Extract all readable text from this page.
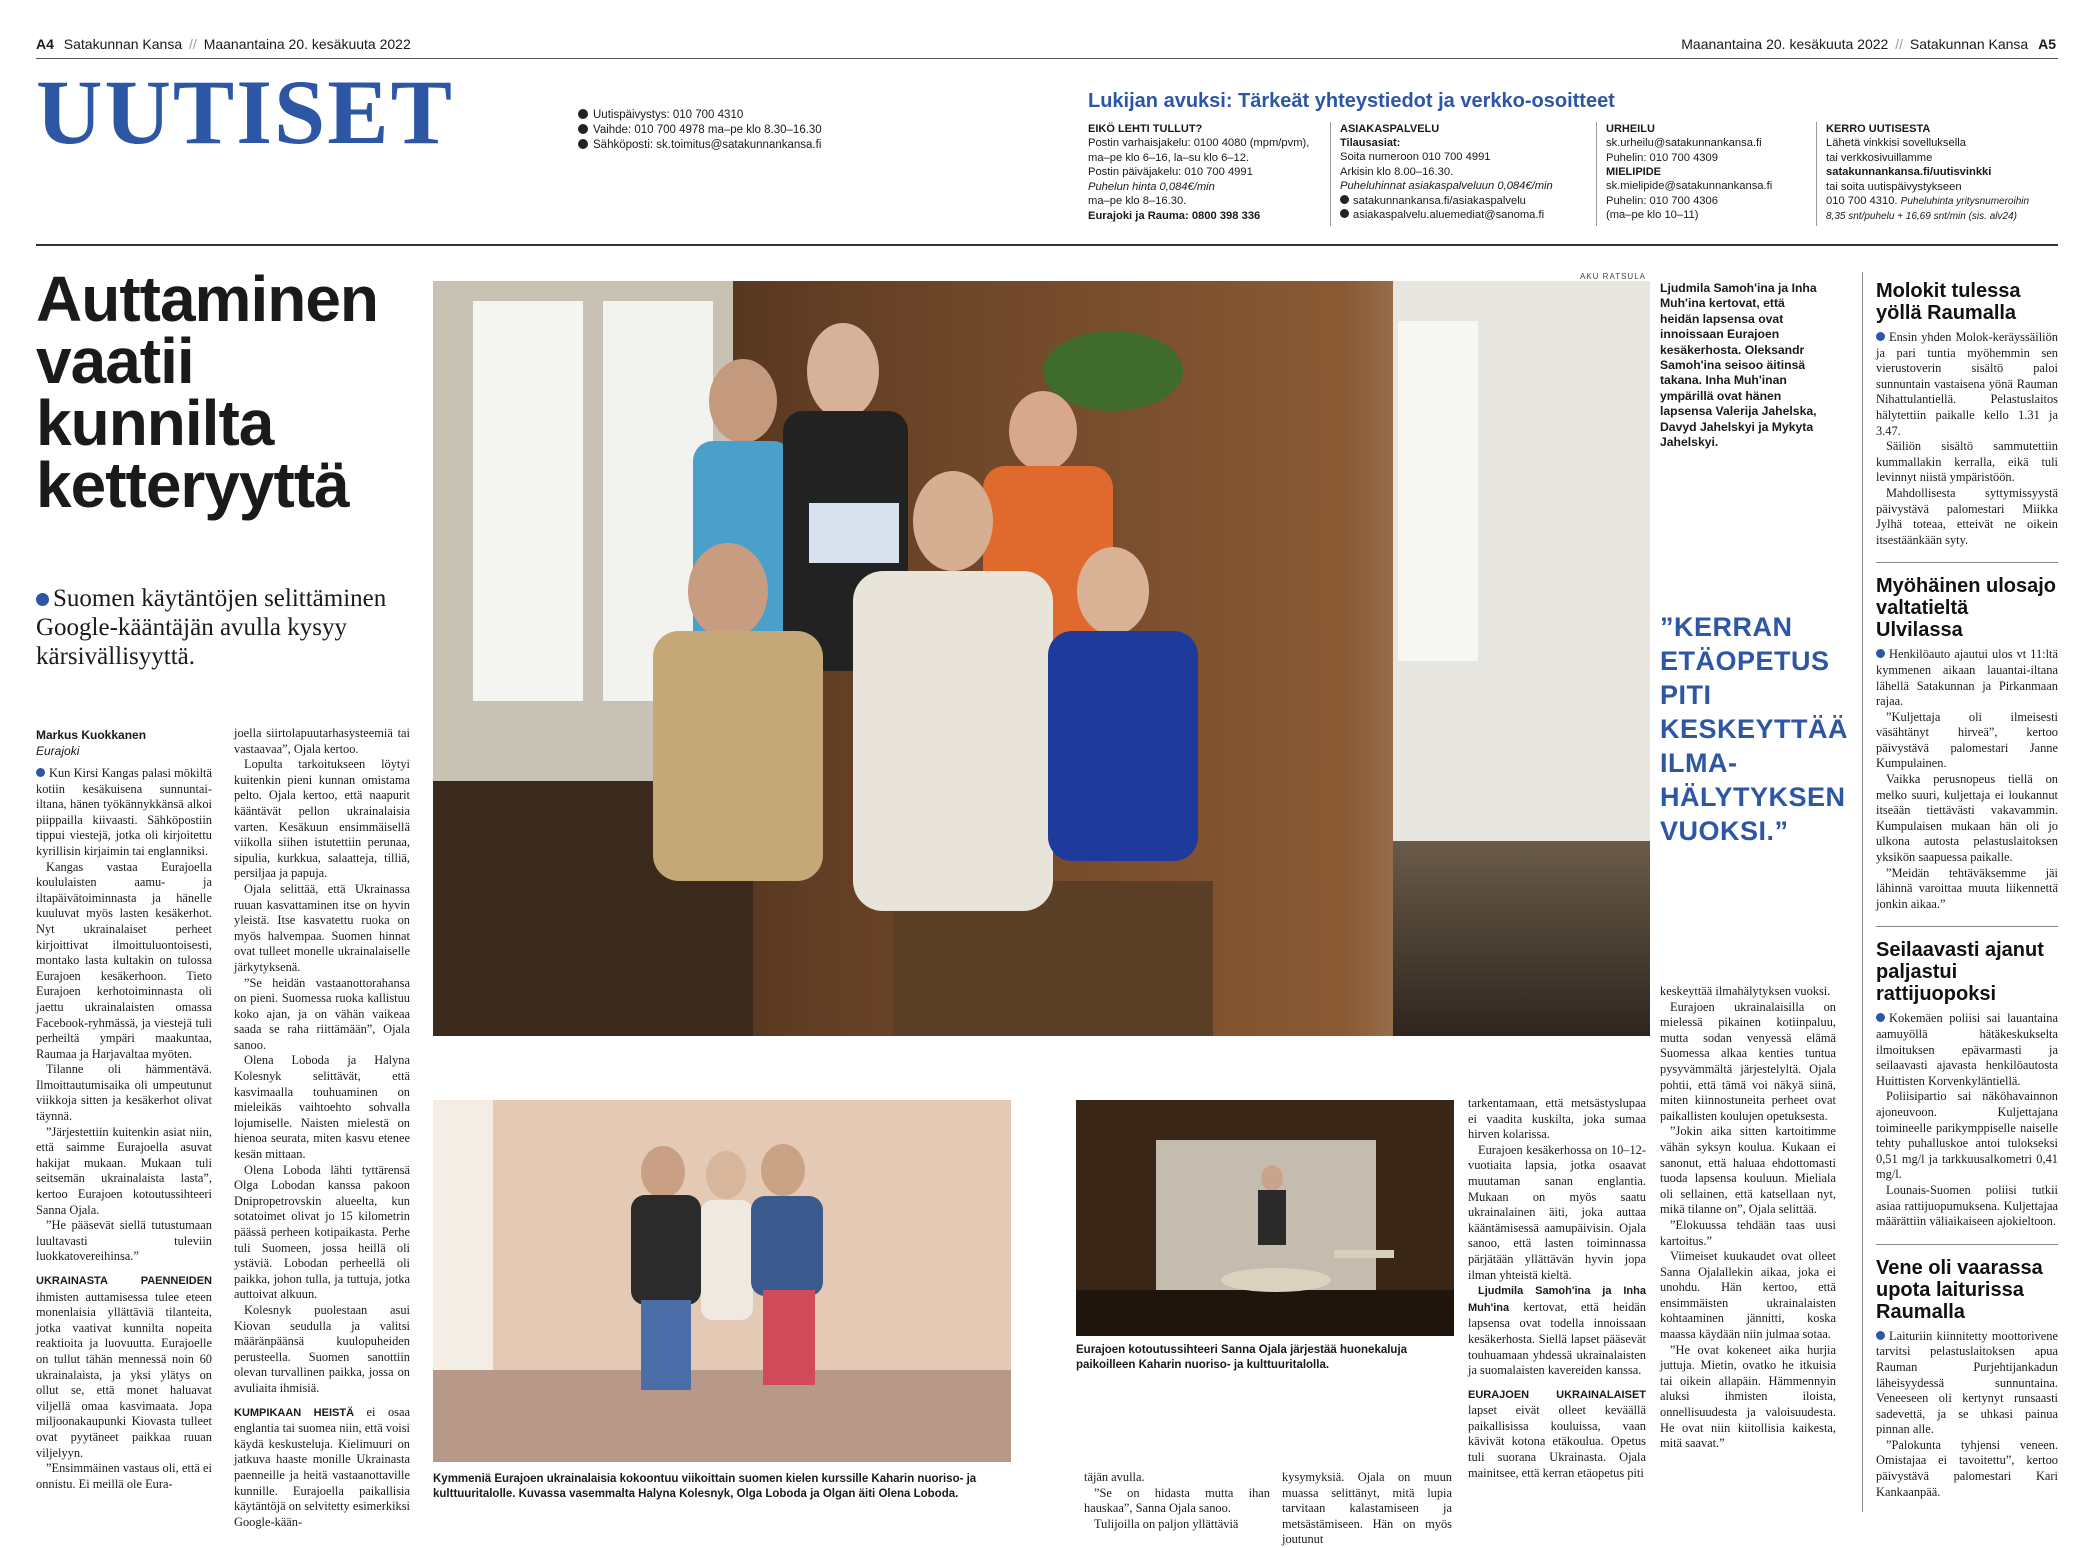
A4 Satakunnan Kansa // Maanantaina 20. kesäkuuta 2022	Maanantaina 20. kesäkuuta 2022 // Satakunnan Kansa A5
UUTISET	Uutispäivystys: 010 700 4310
Vaihde: 010 700 4978 ma–pe klo 8.30–16.30
Sähköposti: sk.toimitus@satakunnankansa.fi
Lukijan avuksi: Tärkeät yhteystiedot ja verkko-osoitteet
EIKÖ LEHTI TULLUT?
Postin varhaisjakelu: 0100 4080 (mpm/pvm),
ma–pe klo 6–16, la–su klo 6–12.
Postin päiväjakelu: 010 700 4991
Puhelun hinta 0,084€/min
ma–pe klo 8–16.30.
Eurajoki ja Rauma: 0800 398 336
ASIAKASPALVELU
Tilausasiat:
Soita numeroon 010 700 4991
Arkisin klo 8.00–16.30.
Puheluhinnat asiakaspalveluun 0,084€/min
satakunnankansa.fi/asiakaspalvelu
asiakaspalvelu.aluemediat@sanoma.fi
URHEILU
sk.urheilu@satakunnankansa.fi
Puhelin: 010 700 4309
MIELIPIDE
sk.mielipide@satakunnankansa.fi
Puhelin: 010 700 4306
(ma–pe klo 10–11)
KERRO UUTISESTA
Lähetä vinkkisi sovelluksella
tai verkkosivuillamme
satakunnankansa.fi/uutisvinkki
tai soita uutispäivystykseen
010 700 4310. Puheluhinta yritysnumeroihin
8,35 snt/puhelu + 16,69 snt/min (sis. alv24)
Auttaminen
vaatii
kunnilta
ketteryyttä
Suomen käytäntöjen selittäminen Google-kääntäjän avulla kysyy kärsivällisyyttä.
Markus Kuokkanen
Eurajoki
AKU RATSULA
Ljudmila Samoh'ina ja Inha Muh'ina kertovat, että heidän lapsensa ovat innoissaan Eurajoen kesäkerhosta. Oleksandr Samoh'ina seisoo äitinsä takana. Inha Muh'inan ympärillä ovat hänen lapsensa Valerija Jahelska, Davyd Jahelskyi ja Mykyta Jahelskyi.
”KERRAN ETÄOPETUS PITI KESKEYTTÄÄ ILMA-HÄLYTYKSEN VUOKSI.”

Kun Kirsi Kangas palasi mökiltä kotiin kesäkuisena sunnuntai-iltana, hänen työkännykkänsä alkoi piippailla kiivaasti. Sähköpostiin tippui viestejä, jotka oli kirjoitettu kyrillisin kirjaimin tai englanniksi.

Kangas vastaa Eurajoella koululaisten aamu- ja iltapäivätoiminnasta ja hänelle kuuluvat myös lasten kesäkerhot. Nyt ukrainalaiset perheet kirjoittivat ilmoittuluontoisesti, montako lasta kultakin on tulossa Eurajoen kesäkerhoon. Tieto Eurajoen kerhotoiminnasta oli jaettu ukrainalaisten omassa Facebook-ryhmässä, ja viestejä tuli perheiltä ympäri maakuntaa, Raumaa ja Harjavaltaa myöten.

Tilanne oli hämmentävä. Ilmoittautumisaika oli umpeutunut viikkoja sitten ja kesäkerhot olivat täynnä.

”Järjestettiin kuitenkin asiat niin, että saimme Eurajoella asuvat hakijat mukaan. Mukaan tuli seitsemän ukrainalaista lasta”, kertoo Eurajoen kotoutussihteeri Sanna Ojala.

”He pääsevät siellä tutustumaan luultavasti tuleviin luokkatovereihinsa.”

UKRAINASTA PAENNEIDEN ihmisten auttamisessa tulee eteen monenlaisia yllättäviä tilanteita, jotka vaativat kunnilta nopeita reaktioita ja luovuutta. Eurajoelle on tullut tähän mennessä noin 60 ukrainalaista, ja yksi ylätys on ollut se, että monet haluavat viljellä omaa kasvimaata. Jopa miljoonakaupunki Kiovasta tulleet ovat pyytäneet paikkaa ruuan viljelyyn.

”Ensimmäinen vastaus oli, että ei onnistu. Ei meillä ole Eura-

joella siirtolapuutarhasysteemiä tai vastaavaa”, Ojala kertoo.

Lopulta tarkoitukseen löytyi kuitenkin pieni kunnan omistama pelto. Ojala kertoo, että naapurit kääntävät pellon ukrainalaisia varten. Kesäkuun ensimmäisellä viikolla siihen istutettiin perunaa, sipulia, kurkkua, salaatteja, tilliä, persiljaa ja papuja.

Ojala selittää, että Ukrainassa ruuan kasvattaminen itse on hyvin yleistä. Itse kasvatettu ruoka on myös halvempaa. Suomen hinnat ovat tulleet monelle ukrainalaiselle järkytyksenä.

”Se heidän vastaanottorahansa on pieni. Suomessa ruoka kallistuu koko ajan, ja on vähän vaikeaa saada se raha riittämään”, Ojala sanoo.

Olena Loboda ja Halyna Kolesnyk selittävät, että kasvimaalla touhuaminen on mieleikäs vaihtoehto sohvalla lojumiselle. Naisten mielestä on hienoa seurata, miten kasvu etenee kesän mittaan.

Olena Loboda lähti tyttärensä Olga Lobodan kanssa pakoon Dnipropetrovskin alueelta, kun sotatoimet olivat jo 15 kilometrin päässä perheen kotipaikasta. Perhe tuli Suomeen, jossa heillä oli ystäviä. Lobodan perheellä oli paikka, johon tulla, ja tuttuja, jotka auttoivat alkuun.

Kolesnyk puolestaan asui Kiovan seudulla ja valitsi määränpäänsä kuulopuheiden perusteella. Suomen sanottiin olevan turvallinen paikka, jossa on avuliaita ihmisiä.

KUMPIKAAN HEISTÄ ei osaa englantia tai suomea niin, että voisi käydä keskusteluja. Kielimuuri on jatkuva haaste monille Ukrainasta paenneille ja heitä vastaanottaville kunnille. Eurajoella paikallisia käytäntöjä on selvitetty esimerkiksi Google-kään-

Kymmeniä Eurajoen ukrainalaisia kokoontuu viikoittain suomen kielen kurssille Kaharin nuoriso- ja kulttuuritalolle. Kuvassa vasemmalta Halyna Kolesnyk, Olga Loboda ja Olgan äiti Olena Loboda.

täjän avulla.

”Se on hidasta mutta ihan hauskaa”, Sanna Ojala sanoo.

Tulijoilla on paljon yllättäviä

kysymyksiä. Ojala on muun muassa selittänyt, mitä lupia tarvitaan kalastamiseen ja metsästämiseen. Hän on myös joutunut

Eurajoen kotoutussihteeri Sanna Ojala järjestää huonekaluja paikoilleen Kaharin nuoriso- ja kulttuuritalolla.

tarkentamaan, että metsästyslupaa ei vaadita kuskilta, joka sumaa hirven kolarissa.

Eurajoen kesäkerhossa on 10–12-vuotiaita lapsia, jotka osaavat muutaman sanan englantia. Mukaan on myös saatu ukrainalainen äiti, joka auttaa kääntämisessä aamupäivisin. Ojala sanoo, että lasten toiminnassa pärjätään yllättävän hyvin jopa ilman yhteistä kieltä.

Ljudmila Samoh'ina ja Inha Muh'ina kertovat, että heidän lapsensa ovat todella innoissaan kesäkerhosta. Siellä lapset pääsevät touhuamaan yhdessä ukrainalaisten ja suomalaisten kavereiden kanssa.

EURAJOEN UKRAINALAISET lapset eivät olleet keväällä paikallisissa kouluissa, vaan kävivät kotona etäkoulua. Opetus tuli suorana Ukrainasta. Ojala mainitsee, että kerran etäopetus piti

keskeyttää ilmahälytyksen vuoksi.

Eurajoen ukrainalaisilla on mielessä pikainen kotiinpaluu, mutta sodan venyessä elämä Suomessa alkaa kenties tuntua pysyvämmältä järjestelyltä. Ojala pohtii, että tämä voi näkyä siinä, miten kiinnostuneita perheet ovat paikallisten koulujen opetuksesta.

”Jokin aika sitten kartoitimme vähän syksyn koulua. Kukaan ei sanonut, että haluaa ehdottomasti tuoda lapsensa kouluun. Mieliala oli sellainen, että katsellaan nyt, mikä tilanne on”, Ojala selittää.

”Elokuussa tehdään taas uusi kartoitus.”

Viimeiset kuukaudet ovat olleet Sanna Ojalallekin aikaa, joka ei unohdu. Hän kertoo, että ensimmäisten ukrainalaisten kohtaaminen jännitti, koska maassa käydään niin julmaa sotaa.

”He ovat kokeneet aika hurjia juttuja. Mietin, ovatko he itkuisia tai oikein allapäin. Hämmennyin aluksi ihmisten iloista, onnellisuudesta ja valoisuudesta. He ovat niin kiitollisia kaikesta, mitä saavat.”

Molokit tulessa yöllä Raumalla

Ensin yhden Molok-keräyssäiliön ja pari tuntia myöhemmin sen vierustoverin sisältö paloi sunnuntain vastaisena yönä Rauman Nihattulantiellä. Pelastuslaitos hälytettiin paikalle kello 1.31 ja 3.47.

Säiliön sisältö sammutettiin kummallakin kerralla, eikä tuli levinnyt niistä ympäristöön.

Mahdollisesta syttymissyystä päivystävä palomestari Miikka Jylhä toteaa, etteivät ne oikein itsestäänkään syty.

Myöhäinen ulosajo valtatieltä Ulvilassa

Henkilöauto ajautui ulos vt 11:ltä kymmenen aikaan lauantai-iltana lähellä Satakunnan ja Pirkanmaan rajaa.

”Kuljettaja oli ilmeisesti väsähtänyt hirveä”, kertoo päivystävä palomestari Janne Kumpulainen.

Vaikka perusnopeus tiellä on melko suuri, kuljettaja ei loukannut itseään tiettävästi vakavammin. Kumpulaisen mukaan hän oli jo ulkona autosta pelastuslaitoksen yksikön saapuessa paikalle.

”Meidän tehtäväksemme jäi lähinnä varoittaa muuta liikennettä jonkin aikaa.”

Seilaavasti ajanut paljastui rattijuopoksi

Kokemäen poliisi sai lauantaina aamuyöllä hätäkeskukselta ilmoituksen epävarmasti ja seilaavasti ajavasta henkilöautosta Huittisten Korvenkyläntiellä.

Poliisipartio sai näköhavainnon ajoneuvoon. Kuljettajana toimineelle parikymppiselle naiselle tehty puhalluskoe antoi tulokseksi 0,51 mg/l ja tarkkuusalkometri 0,41 mg/l.

Lounais-Suomen poliisi tutkii asiaa rattijuopumuksena. Kuljettajaa määrättiin väliaikaiseen ajokieltoon.

Vene oli vaarassa upota laiturissa Raumalla

Laituriin kiinnitetty moottorivene tarvitsi pelastuslaitoksen apua Rauman Purjehtijankadun läheisyydessä sunnuntaina. Veneeseen oli kertynyt runsaasti sadevettä, ja se uhkasi painua pinnan alle.

”Palokunta tyhjensi veneen. Omistajaa ei tavoitettu”, kertoo päivystävä palomestari Kari Kankaanpää.
